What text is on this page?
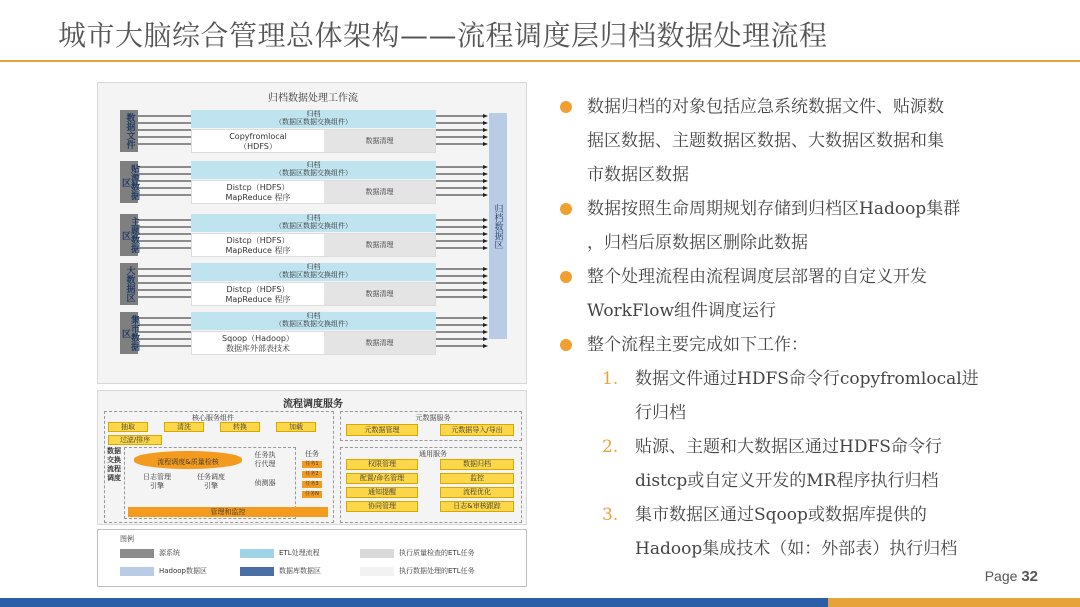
城市大脑综合管理总体架构——流程调度层归档数据处理流程
归档数据处理工作流
数据文件	归档
（数据区数据交换组件）
Copyfromlocal
（HDFS）
数据清理
贴源数据区
归档
（数据区数据交换组件）
Distcp（HDFS）
MapReduce 程序
数据清理
主题数据区
归档
（数据区数据交换组件）
Distcp（HDFS）
MapReduce 程序
数据清理
大数据区	归档
（数据区数据交换组件）
Distcp（HDFS）
MapReduce 程序
数据清理
集市数据区
归档
（数据区数据交换组件）
Sqoop（Hadoop）
数据库外部表技术
数据清理
归档数据区
流程调度服务
核心服务组件
抽取	清洗	转换	加载
过滤/排序
数据交换流程调度
流程调度&质量检核
日志管理引擎
任务调度引擎
任务执行代理
侦测器
任务
任务1
任务2
任务3
任务N
管理和监控
元数据服务
元数据管理	元数据导入/导出
通用服务
权限管理	数据归档
配置/命名管理	监控
通知提醒	流程优化
协同管理	日志&审核跟踪
图例
源系统	ETL处理流程	执行质量检查的ETL任务
Hadoop数据区	数据库数据区	执行数据处理的ETL任务
数据归档的对象包括应急系统数据文件、贴源数
据区数据、主题数据区数据、大数据区数据和集
市数据区数据
数据按照生命周期规划存储到归档区Hadoop集群
，归档后原数据区删除此数据
整个处理流程由流程调度层部署的自定义开发
WorkFlow组件调度运行
整个流程主要完成如下工作：
1. 数据文件通过HDFS命令行copyfromlocal进
行归档
2. 贴源、主题和大数据区通过HDFS命令行
distcp或自定义开发的MR程序执行归档
3. 集市数据区通过Sqoop或数据库提供的
Hadoop集成技术（如：外部表）执行归档
Page 32
